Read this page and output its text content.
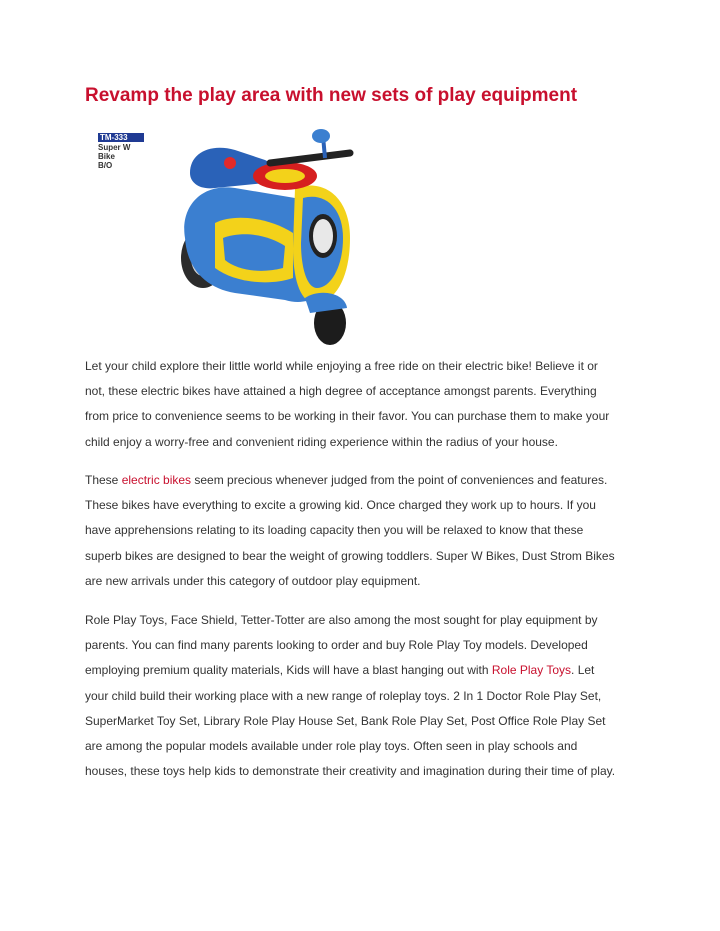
Revamp the play area with new sets of play equipment
TM-333
Super W Bike
B/O

Let your child explore their little world while enjoying a free ride on their electric bike! Believe it or
not, these electric bikes have attained a high degree of acceptance amongst parents. Everything
from price to convenience seems to be working in their favor. You can purchase them to make your
child enjoy a worry-free and convenient riding experience within the radius of your house.

These electric bikes seem precious whenever judged from the point of conveniences and features.
These bikes have everything to excite a growing kid. Once charged they work up to hours. If you
have apprehensions relating to its loading capacity then you will be relaxed to know that these
superb bikes are designed to bear the weight of growing toddlers. Super W Bikes, Dust Strom Bikes
are new arrivals under this category of outdoor play equipment.

Role Play Toys, Face Shield, Tetter-Totter are also among the most sought for play equipment by
parents. You can find many parents looking to order and buy Role Play Toy models. Developed
employing premium quality materials, Kids will have a blast hanging out with Role Play Toys. Let
your child build their working place with a new range of roleplay toys. 2 In 1 Doctor Role Play Set,
SuperMarket Toy Set, Library Role Play House Set, Bank Role Play Set, Post Office Role Play Set
are among the popular models available under role play toys. Often seen in play schools and
houses, these toys help kids to demonstrate their creativity and imagination during their time of play.
